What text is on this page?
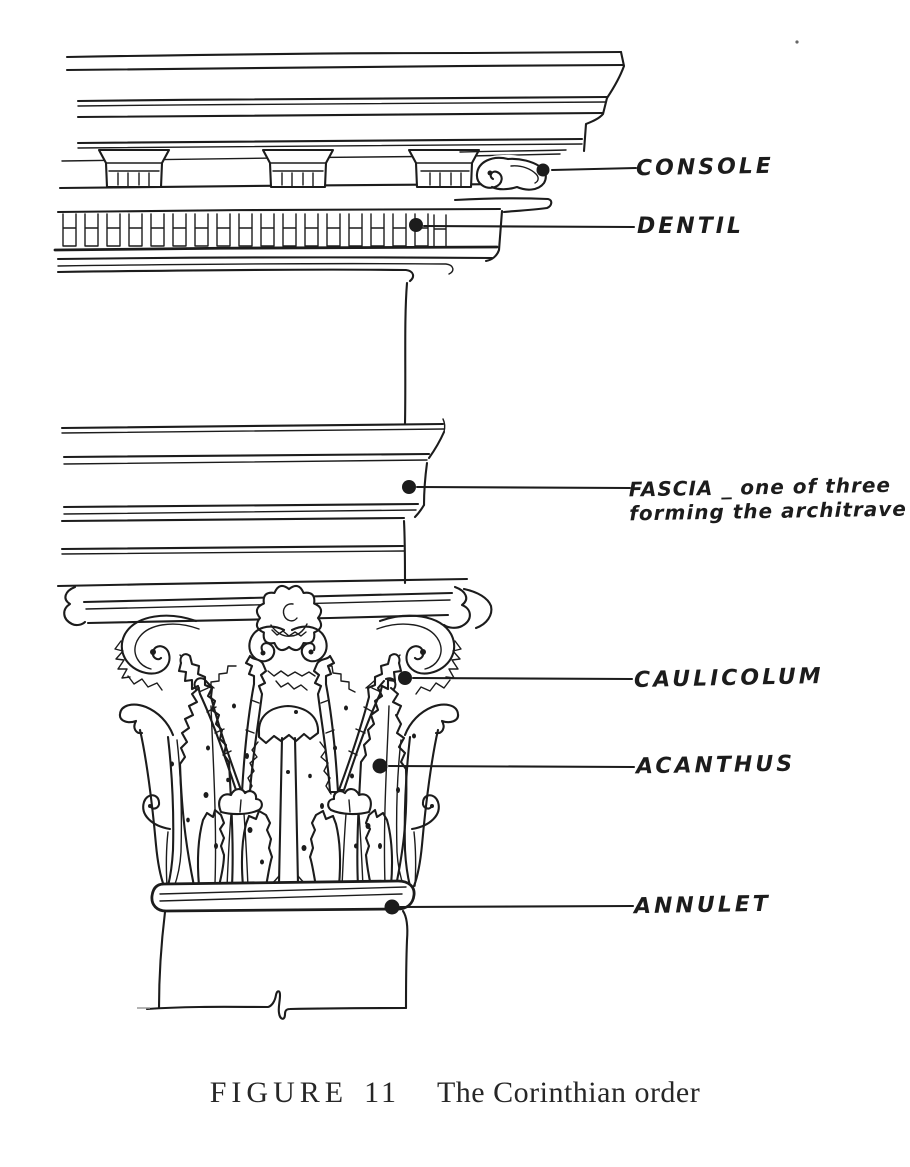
CONSOLE
DENTIL
FASCIA _ one of three
forming the architrave
CAULICOLUM
ACANTHUS
ANNULET
FIGURE 11 The Corinthian order
